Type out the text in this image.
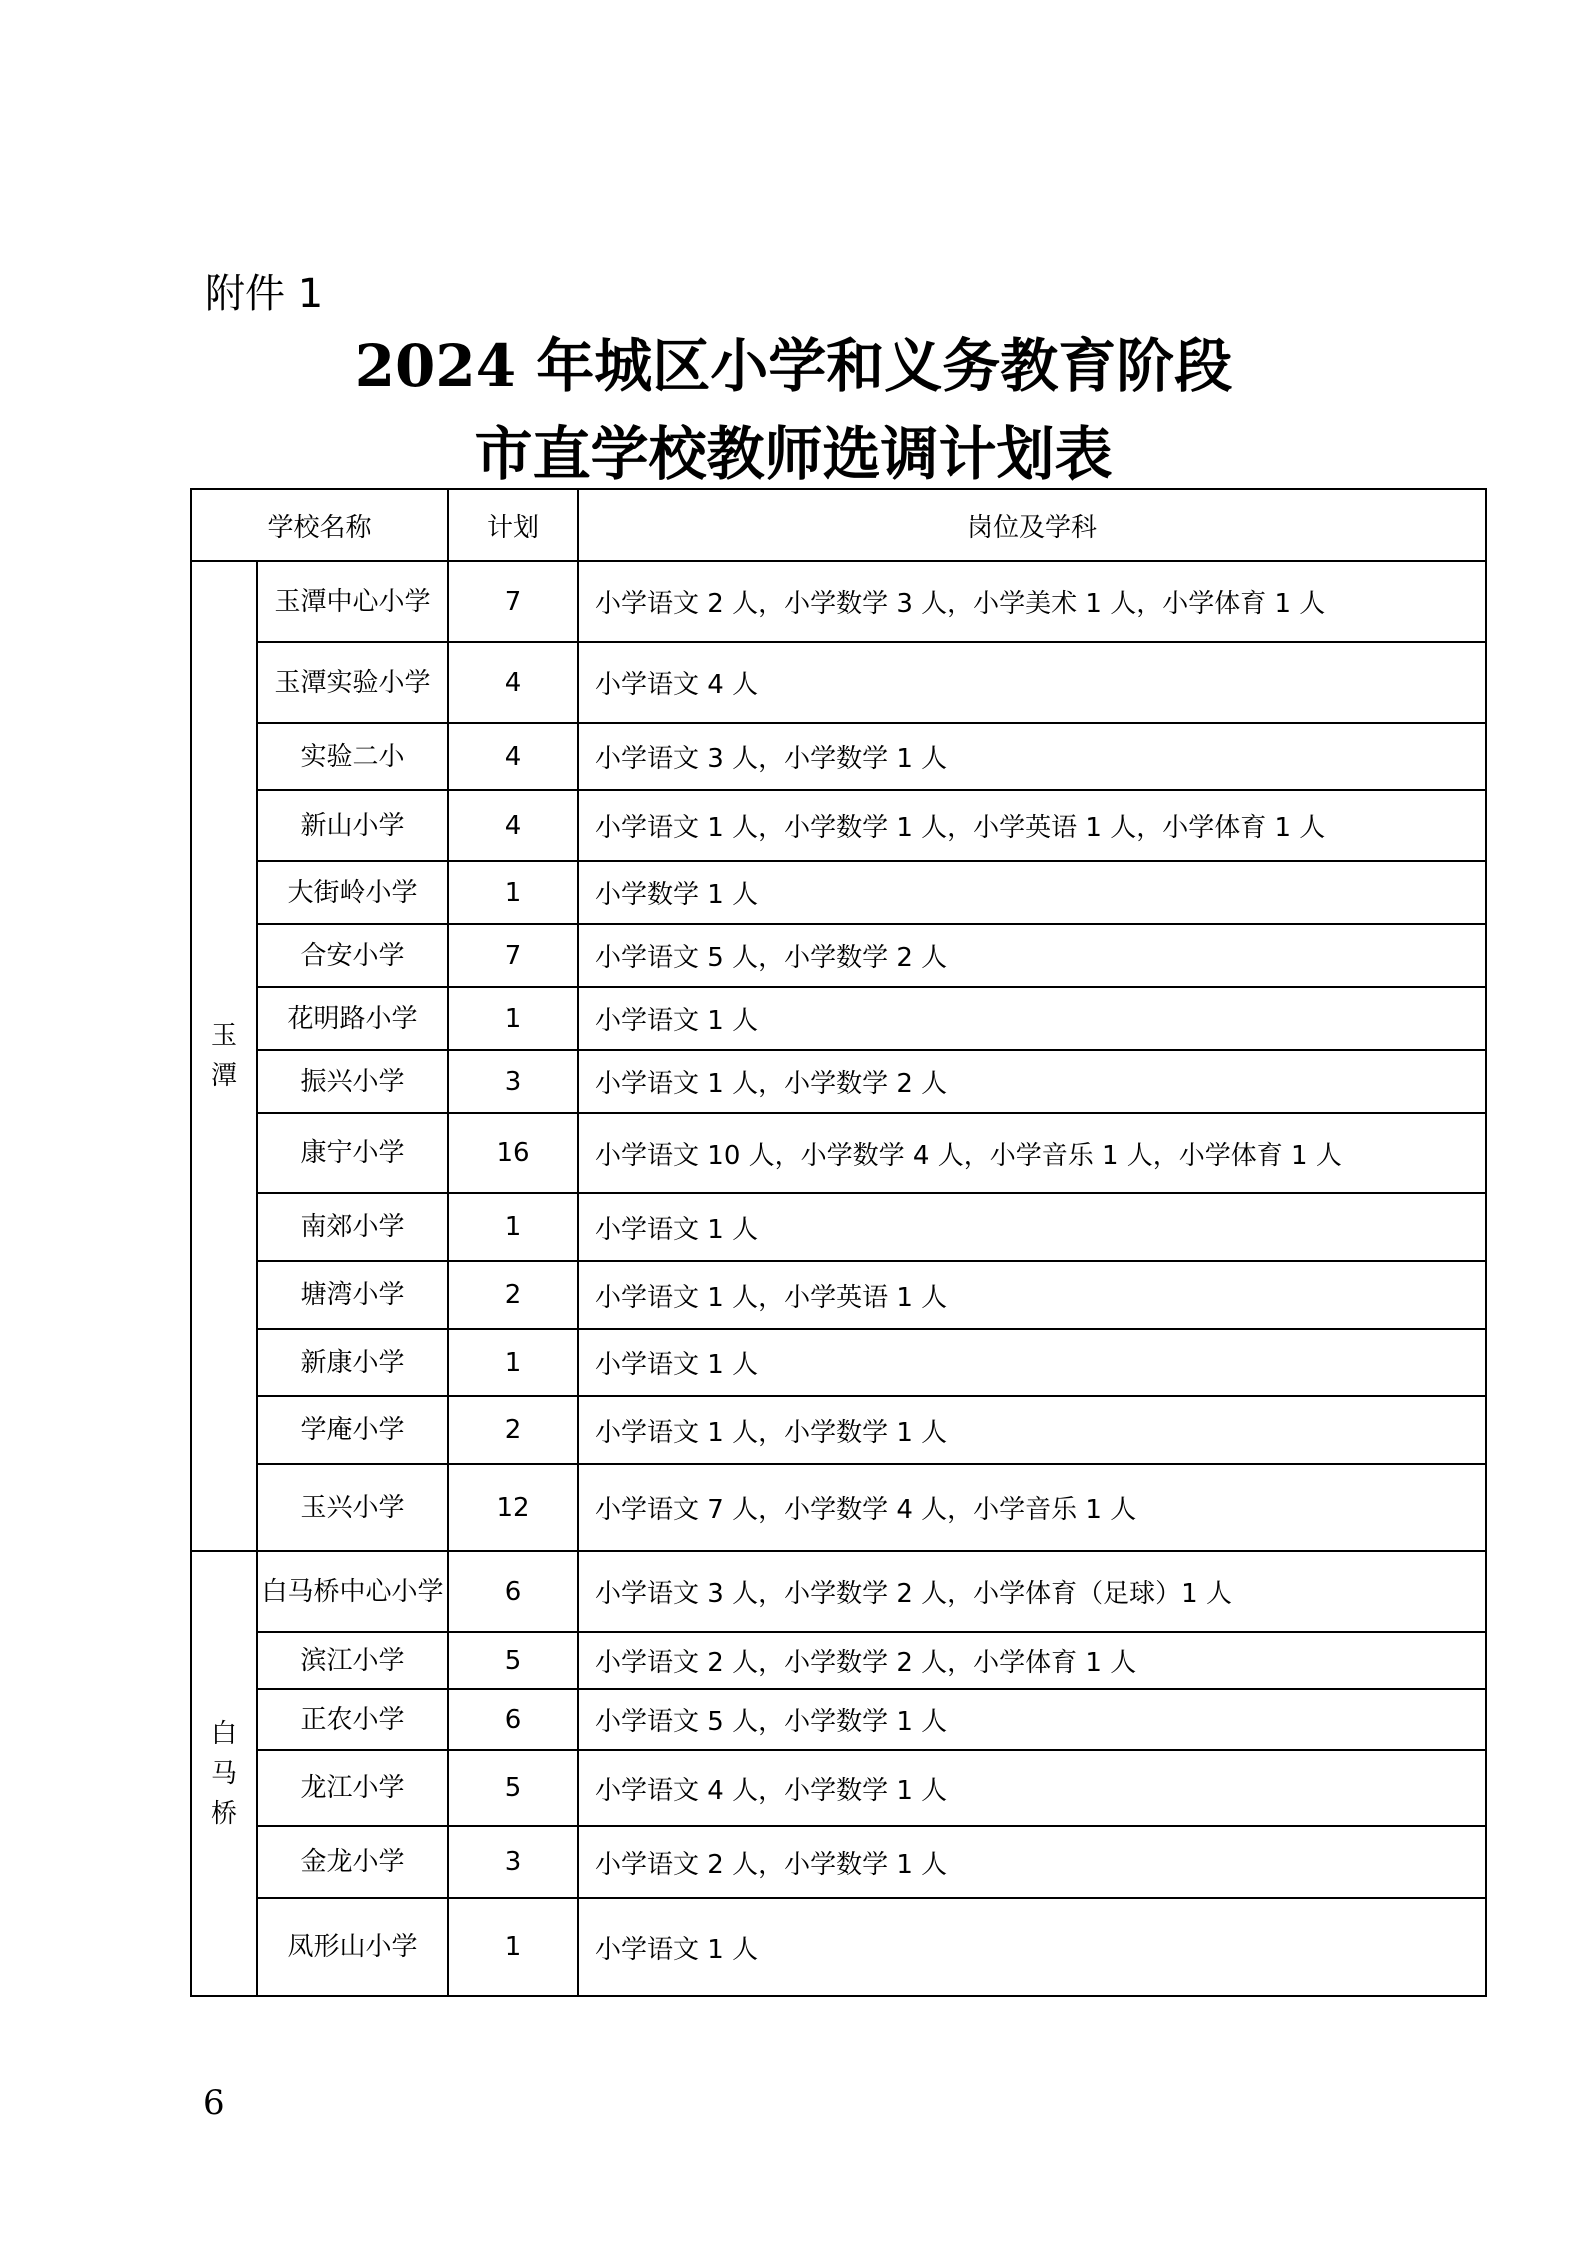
附件 1
2024 年城区小学和义务教育阶段
市直学校教师选调计划表
学校名称		计划	岗位及学科

玉潭	玉潭中心小学	7	小学语文 2 人，小学数学 3 人，小学美术 1 人，小学体育 1 人
	玉潭实验小学	4	小学语文 4 人
	实验二小	4	小学语文 3 人，小学数学 1 人
	新山小学	4	小学语文 1 人，小学数学 1 人，小学英语 1 人，小学体育 1 人
	大街岭小学	1	小学数学 1 人
	合安小学	7	小学语文 5 人，小学数学 2 人
	花明路小学	1	小学语文 1 人
	振兴小学	3	小学语文 1 人，小学数学 2 人
	康宁小学	16	小学语文 10 人，小学数学 4 人，小学音乐 1 人，小学体育 1 人
	南郊小学	1	小学语文 1 人
	塘湾小学	2	小学语文 1 人，小学英语 1 人
	新康小学	1	小学语文 1 人
	学庵小学	2	小学语文 1 人，小学数学 1 人
	玉兴小学	12	小学语文 7 人，小学数学 4 人，小学音乐 1 人

白马桥	白马桥中心小学	6	小学语文 3 人，小学数学 2 人，小学体育（足球）1 人
	滨江小学	5	小学语文 2 人，小学数学 2 人，小学体育 1 人
	正农小学	6	小学语文 5 人，小学数学 1 人
	龙江小学	5	小学语文 4 人，小学数学 1 人
	金龙小学	3	小学语文 2 人，小学数学 1 人
	凤形山小学	1	小学语文 1 人
6
